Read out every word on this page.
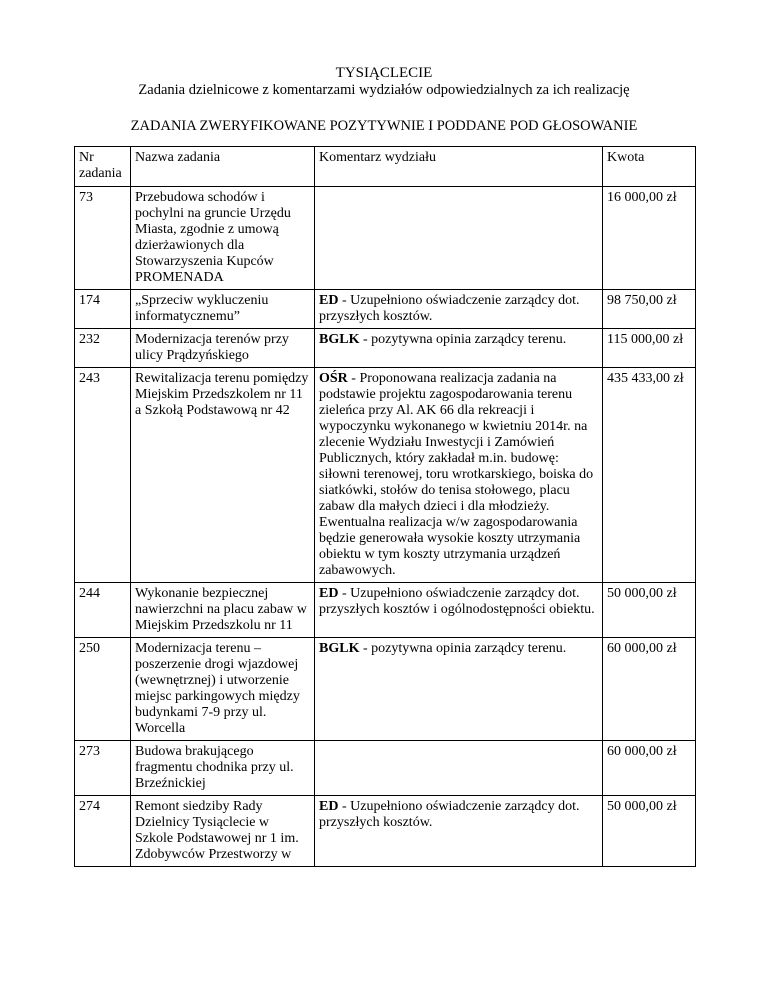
TYSIĄCLECIE
Zadania dzielnicowe z komentarzami wydziałów odpowiedzialnych za ich realizację
ZADANIA ZWERYFIKOWANE POZYTYWNIE I PODDANE POD GŁOSOWANIE
Nr zadania	Nazwa zadania	Komentarz wydziału	Kwota
73	Przebudowa schodów i pochylni na gruncie Urzędu Miasta, zgodnie z umową dzierżawionych dla Stowarzyszenia Kupców PROMENADA		16 000,00 zł
174	„Sprzeciw wykluczeniu informatycznemu”	ED - Uzupełniono oświadczenie zarządcy dot. przyszłych kosztów.	98 750,00 zł
232	Modernizacja terenów przy ulicy Prądzyńskiego	BGLK - pozytywna opinia zarządcy terenu.	115 000,00 zł
243	Rewitalizacja terenu pomiędzy Miejskim Przedszkolem nr 11 a Szkołą Podstawową nr 42	OŚR - Proponowana realizacja zadania na podstawie projektu zagospodarowania terenu zieleńca przy Al. AK 66 dla rekreacji i wypoczynku wykonanego w kwietniu 2014r. na zlecenie Wydziału Inwestycji i Zamówień Publicznych, który zakładał m.in. budowę: siłowni terenowej, toru wrotkarskiego, boiska do siatkówki, stołów do tenisa stołowego, placu zabaw dla małych dzieci i dla młodzieży. Ewentualna realizacja w/w zagospodarowania będzie generowała wysokie koszty utrzymania obiektu w tym koszty utrzymania urządzeń zabawowych.	435 433,00 zł
244	Wykonanie bezpiecznej nawierzchni na placu zabaw w Miejskim Przedszkolu nr 11	ED - Uzupełniono oświadczenie zarządcy dot. przyszłych kosztów i ogólnodostępności obiektu.	50 000,00 zł
250	Modernizacja terenu – poszerzenie drogi wjazdowej (wewnętrznej) i utworzenie miejsc parkingowych między budynkami 7-9 przy ul. Worcella	BGLK - pozytywna opinia zarządcy terenu.	60 000,00 zł
273	Budowa brakującego fragmentu chodnika przy ul. Brzeźnickiej		60 000,00 zł
274	Remont siedziby Rady Dzielnicy Tysiąclecie w Szkole Podstawowej nr 1 im. Zdobywców Przestworzy w	ED - Uzupełniono oświadczenie zarządcy dot. przyszłych kosztów.	50 000,00 zł
